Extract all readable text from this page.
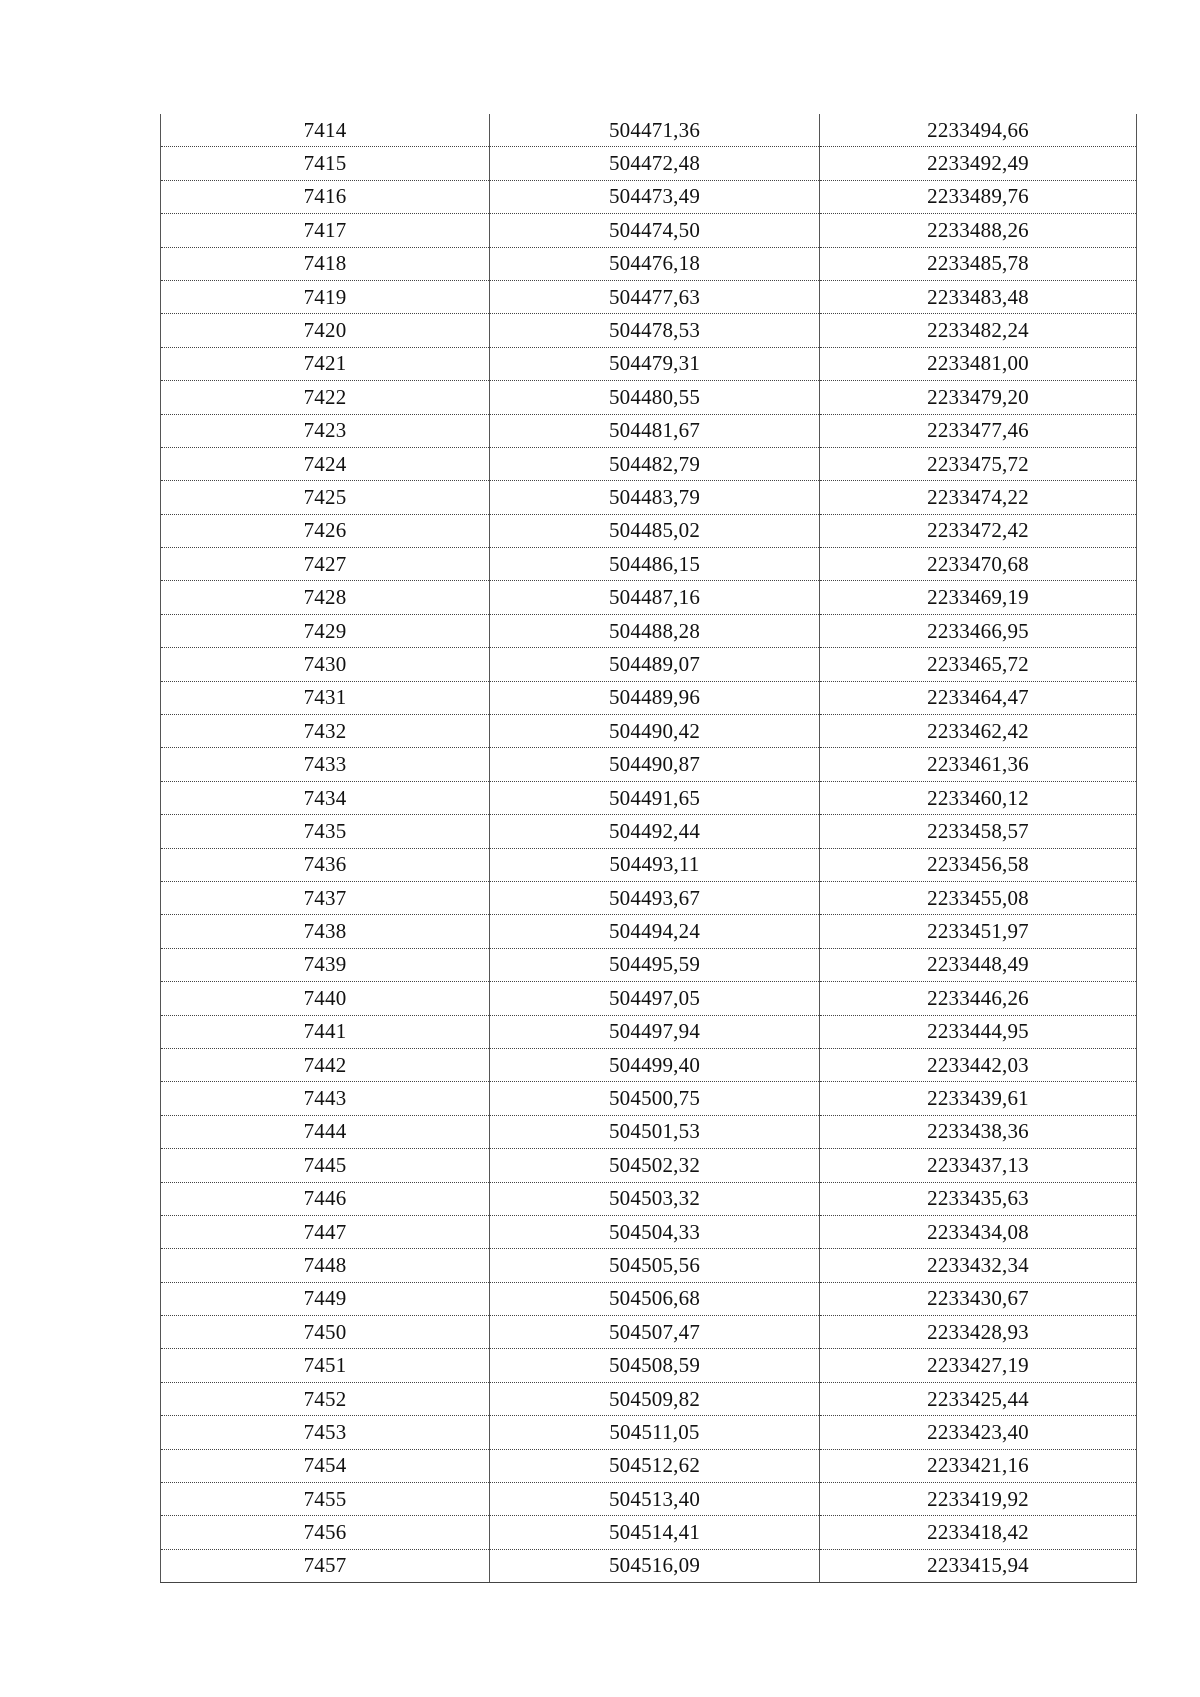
7414	504471,36	2233494,66
7415	504472,48	2233492,49
7416	504473,49	2233489,76
7417	504474,50	2233488,26
7418	504476,18	2233485,78
7419	504477,63	2233483,48
7420	504478,53	2233482,24
7421	504479,31	2233481,00
7422	504480,55	2233479,20
7423	504481,67	2233477,46
7424	504482,79	2233475,72
7425	504483,79	2233474,22
7426	504485,02	2233472,42
7427	504486,15	2233470,68
7428	504487,16	2233469,19
7429	504488,28	2233466,95
7430	504489,07	2233465,72
7431	504489,96	2233464,47
7432	504490,42	2233462,42
7433	504490,87	2233461,36
7434	504491,65	2233460,12
7435	504492,44	2233458,57
7436	504493,11	2233456,58
7437	504493,67	2233455,08
7438	504494,24	2233451,97
7439	504495,59	2233448,49
7440	504497,05	2233446,26
7441	504497,94	2233444,95
7442	504499,40	2233442,03
7443	504500,75	2233439,61
7444	504501,53	2233438,36
7445	504502,32	2233437,13
7446	504503,32	2233435,63
7447	504504,33	2233434,08
7448	504505,56	2233432,34
7449	504506,68	2233430,67
7450	504507,47	2233428,93
7451	504508,59	2233427,19
7452	504509,82	2233425,44
7453	504511,05	2233423,40
7454	504512,62	2233421,16
7455	504513,40	2233419,92
7456	504514,41	2233418,42
7457	504516,09	2233415,94
